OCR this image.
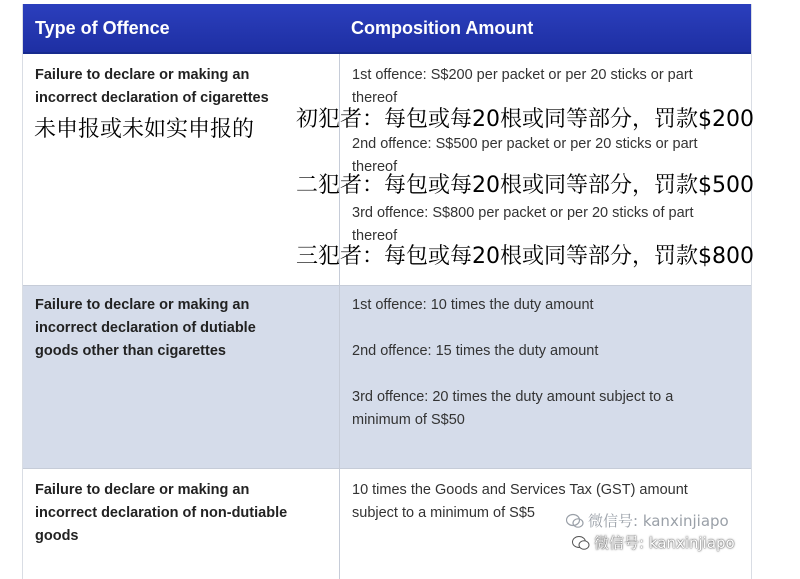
Type of Offence	Composition Amount
Failure to declare or making an
incorrect declaration of cigarettes
1st offence: S$200 per packet or per 20 sticks or part
thereof
2nd offence: S$500 per packet or per 20 sticks or part
thereof
3rd offence: S$800 per packet or per 20 sticks of part
thereof
Failure to declare or making an
incorrect declaration of dutiable
goods other than cigarettes
1st offence: 10 times the duty amount
2nd offence: 15 times the duty amount
3rd offence: 20 times the duty amount subject to a
minimum of S$50
Failure to declare or making an
incorrect declaration of non-dutiable
goods
10 times the Goods and Services Tax (GST) amount
subject to a minimum of S$5
未申报或未如实申报的 初犯者：每包或每20根或同等部分，罚款$200
二犯者：每包或每20根或同等部分，罚款$500
三犯者：每包或每20根或同等部分，罚款$800
微信号: kanxinjiapo
微信号: kanxinjiapo
